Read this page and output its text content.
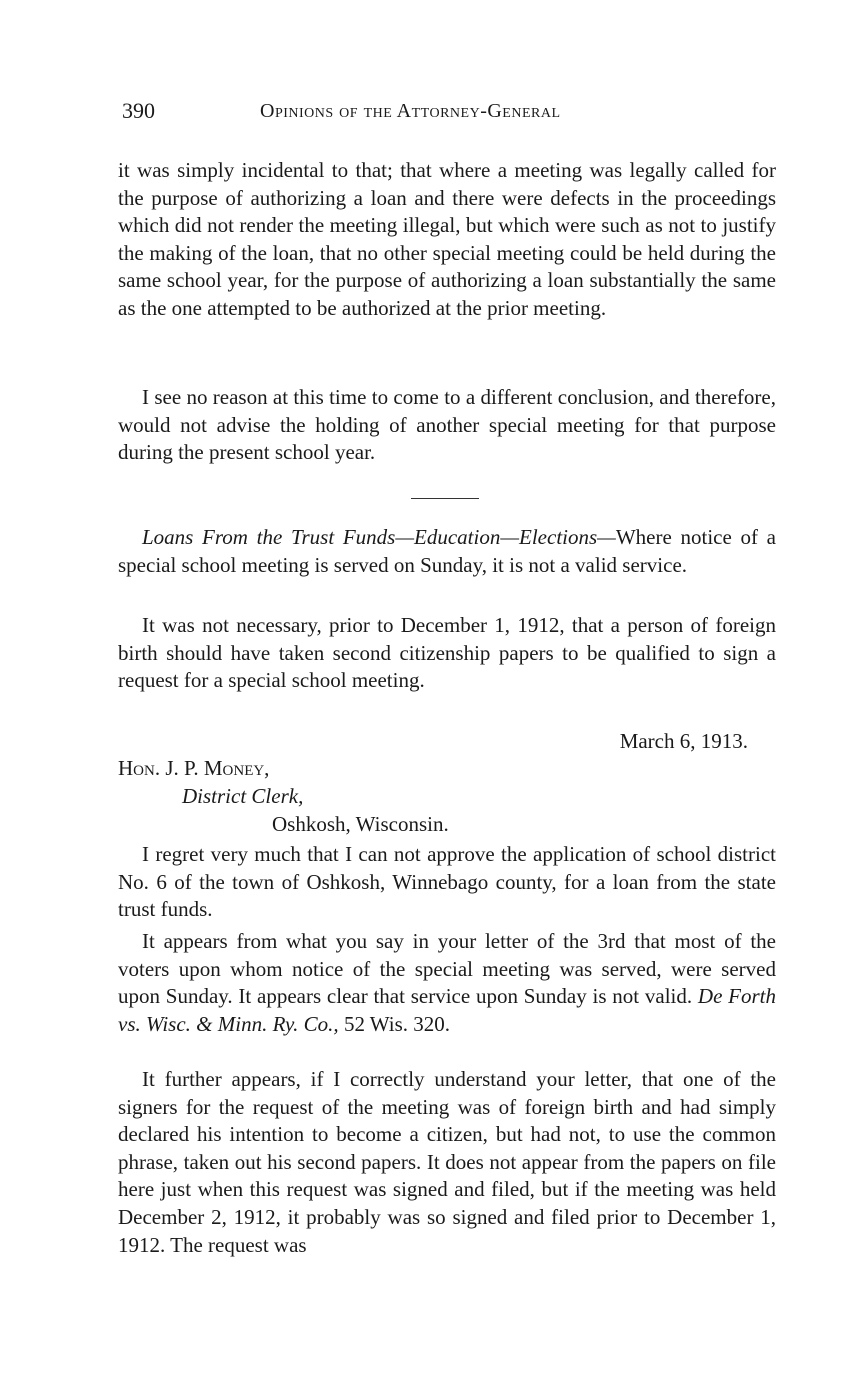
390	Opinions of the Attorney-General

it was simply incidental to that; that where a meeting was legally called for the purpose of authorizing a loan and there were defects in the proceedings which did not render the meeting illegal, but which were such as not to justify the making of the loan, that no other special meeting could be held during the same school year, for the purpose of authorizing a loan substantially the same as the one attempted to be authorized at the prior meeting.

I see no reason at this time to come to a different conclusion, and therefore, would not advise the holding of another special meeting for that purpose during the present school year.

Loans From the Trust Funds—Education—Elections—Where notice of a special school meeting is served on Sunday, it is not a valid service.

It was not necessary, prior to December 1, 1912, that a person of foreign birth should have taken second citizenship papers to be qualified to sign a request for a special school meeting.

March 6, 1913.
Hon. J. P. Money,
District Clerk,
Oshkosh, Wisconsin.

I regret very much that I can not approve the application of school district No. 6 of the town of Oshkosh, Winnebago county, for a loan from the state trust funds.

It appears from what you say in your letter of the 3rd that most of the voters upon whom notice of the special meeting was served, were served upon Sunday. It appears clear that service upon Sunday is not valid. De Forth vs. Wisc. & Minn. Ry. Co., 52 Wis. 320.

It further appears, if I correctly understand your letter, that one of the signers for the request of the meeting was of foreign birth and had simply declared his intention to become a citizen, but had not, to use the common phrase, taken out his second papers. It does not appear from the papers on file here just when this request was signed and filed, but if the meeting was held December 2, 1912, it probably was so signed and filed prior to December 1, 1912. The request was
